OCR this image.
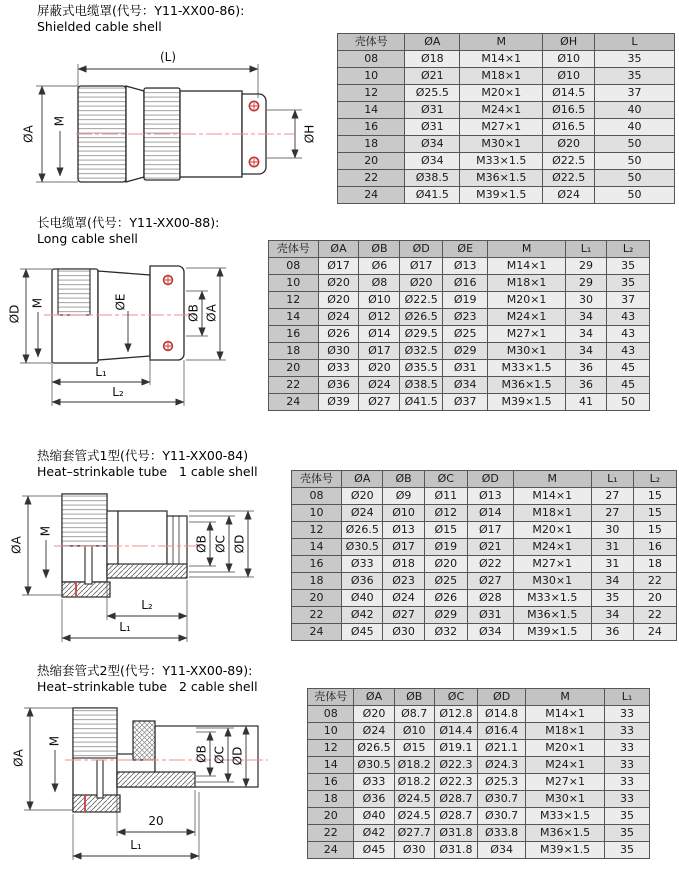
屏蔽式电缆罩(代号：Y11-XX00-86):
Shielded cable shell
(L)
ØA
M
ØH
壳体号	ØA	M	ØH	L
08	Ø18	M14×1	Ø10	35
10	Ø21	M18×1	Ø10	35
12	Ø25.5	M20×1	Ø14.5	37
14	Ø31	M24×1	Ø16.5	40
16	Ø31	M27×1	Ø16.5	40
18	Ø34	M30×1	Ø20	50
20	Ø34	M33×1.5	Ø22.5	50
22	Ø38.5	M36×1.5	Ø22.5	50
24	Ø41.5	M39×1.5	Ø24	50
长电缆罩(代号：Y11-XX00-88):
Long cable shell
ØD
M	ØE
ØB ØA
L₁
L₂
壳体号	ØA	ØB	ØD	ØE	M	L₁	L₂
08	Ø17	Ø6	Ø17	Ø13	M14×1	29	35
10	Ø20	Ø8	Ø20	Ø16	M18×1	29	35
12	Ø20	Ø10	Ø22.5	Ø19	M20×1	30	37
14	Ø24	Ø12	Ø26.5	Ø23	M24×1	34	43
16	Ø26	Ø14	Ø29.5	Ø25	M27×1	34	43
18	Ø30	Ø17	Ø32.5	Ø29	M30×1	34	43
20	Ø33	Ø20	Ø35.5	Ø31	M33×1.5	36	45
22	Ø36	Ø24	Ø38.5	Ø34	M36×1.5	36	45
24	Ø39	Ø27	Ø41.5	Ø37	M39×1.5	41	50
热缩套管式1型(代号：Y11-XX00-84)
Heat–strinkable tube   1 cable shell
ØA
M
ØB ØC ØD
L₂
L₁
壳体号	ØA	ØB	ØC	ØD	M	L₁	L₂
08	Ø20	Ø9	Ø11	Ø13	M14×1	27	15
10	Ø24	Ø10	Ø12	Ø14	M18×1	27	15
12	Ø26.5	Ø13	Ø15	Ø17	M20×1	30	15
14	Ø30.5	Ø17	Ø19	Ø21	M24×1	31	16
16	Ø33	Ø18	Ø20	Ø22	M27×1	31	18
18	Ø36	Ø23	Ø25	Ø27	M30×1	34	22
20	Ø40	Ø24	Ø26	Ø28	M33×1.5	35	20
22	Ø42	Ø27	Ø29	Ø31	M36×1.5	34	22
24	Ø45	Ø30	Ø32	Ø34	M39×1.5	36	24
热缩套管式2型(代号：Y11-XX00-89):
Heat–strinkable tube   2 cable shell
ØA
M
ØB ØC ØD
20
L₁
壳体号	ØA	ØB	ØC	ØD	M	L₁
08	Ø20	Ø8.7	Ø12.8	Ø14.8	M14×1	33
10	Ø24	Ø10	Ø14.4	Ø16.4	M18×1	33
12	Ø26.5	Ø15	Ø19.1	Ø21.1	M20×1	33
14	Ø30.5	Ø18.2	Ø22.3	Ø24.3	M24×1	33
16	Ø33	Ø18.2	Ø22.3	Ø25.3	M27×1	33
18	Ø36	Ø24.5	Ø28.7	Ø30.7	M30×1	33
20	Ø40	Ø24.5	Ø28.7	Ø30.7	M33×1.5	35
22	Ø42	Ø27.7	Ø31.8	Ø33.8	M36×1.5	35
24	Ø45	Ø30	Ø31.8	Ø34	M39×1.5	35
